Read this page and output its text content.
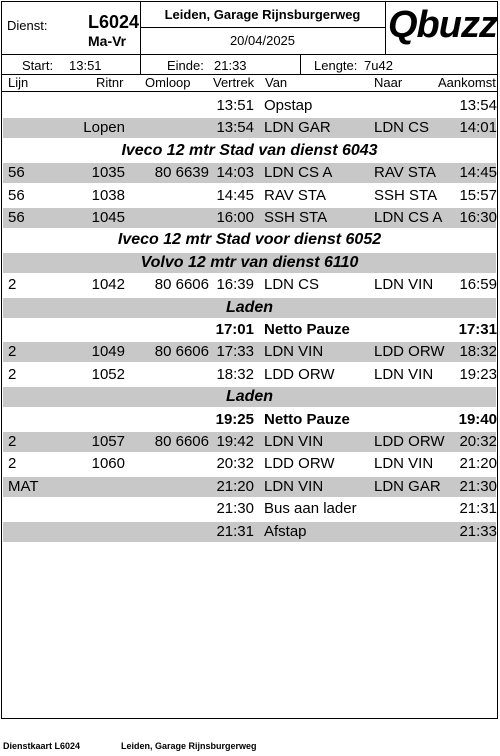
Dienst: L6024
Ma-Vr
Leiden, Garage Rijnsburgerweg
20/04/2025	Qbuzz
Start: 13:51	Einde: 21:33	Lengte: 7u42
Lijn	Ritnr Omloop Vertrek Van	Naar	Aankomst
13:51 Opstap	13:54
Lopen	13:54 LDN GAR	LDN CS	14:01
Iveco 12 mtr Stad van dienst 6043
56	1035	80 6639 14:03 LDN CS A	RAV STA	14:45
56	1038	14:45 RAV STA	SSH STA	15:57
56	1045	16:00 SSH STA	LDN CS A	16:30
Iveco 12 mtr Stad voor dienst 6052
Volvo 12 mtr van dienst 6110
2	1042	80 6606 16:39 LDN CS	LDN VIN	16:59
Laden
17:01 Netto Pauze	17:31
2	1049	80 6606 17:33 LDN VIN	LDD ORW 18:32
2	1052	18:32 LDD ORW	LDN VIN	19:23
Laden
19:25 Netto Pauze	19:40
2	1057	80 6606 19:42 LDN VIN	LDD ORW 20:32
2	1060	20:32 LDD ORW	LDN VIN	21:20
MAT	21:20 LDN VIN	LDN GAR	21:30
21:30 Bus aan lader	21:31
21:31 Afstap	21:33
Dienstkaart L6024	Leiden, Garage Rijnsburgerweg
